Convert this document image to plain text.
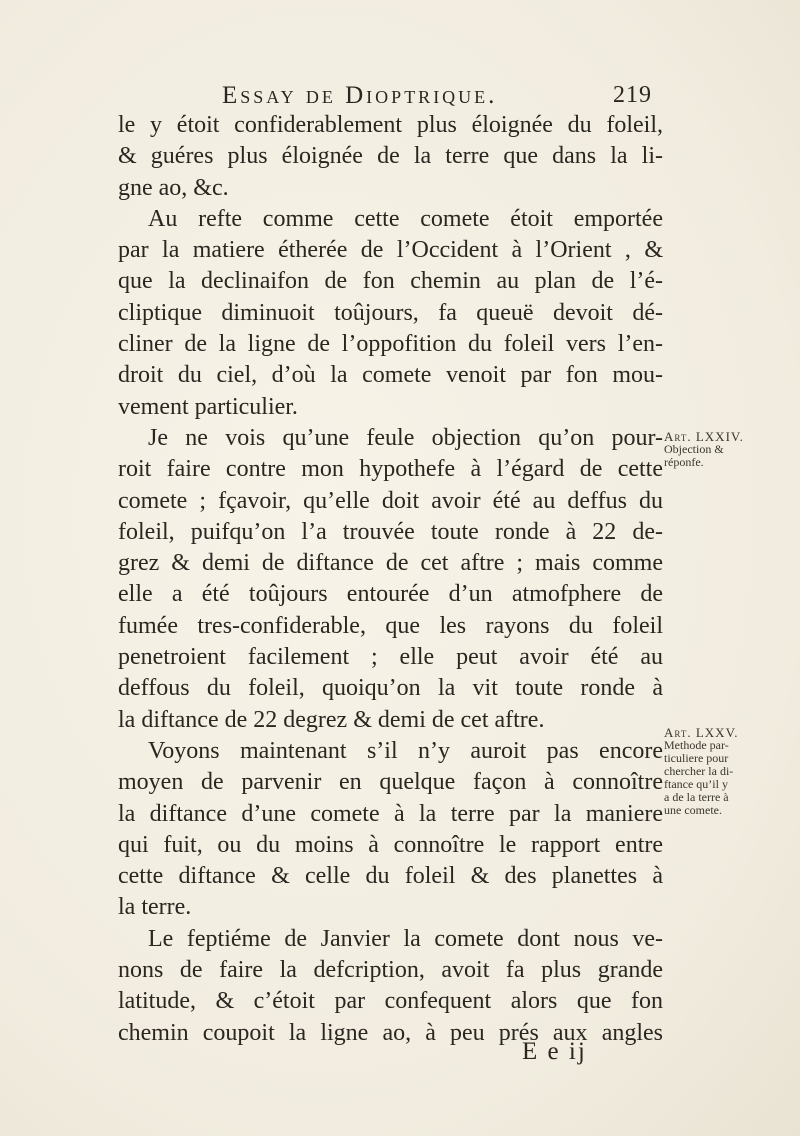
Essay de Dioptrique.	219
le y étoit confiderablement plus éloignée du foleil,
& guéres plus éloignée de la terre que dans la li-
gne ao, &c.
Au refte comme cette comete étoit emportée
par la matiere étherée de l’Occident à l’Orient , &
que la declinaifon de fon chemin au plan de l’é-
cliptique diminuoit toûjours, fa queuë devoit dé-
cliner de la ligne de l’oppofition du foleil vers l’en-
droit du ciel, d’où la comete venoit par fon mou-
vement particulier.
Je ne vois qu’une feule objection qu’on pour-
roit faire contre mon hypothefe à l’égard de cette
comete ; fçavoir, qu’elle doit avoir été au deffus du
foleil, puifqu’on l’a trouvée toute ronde à 22 de-
grez & demi de diftance de cet aftre ; mais comme
elle a été toûjours entourée d’un atmofphere de
fumée tres-confiderable, que les rayons du foleil
penetroient facilement ; elle peut avoir été au
deffous du foleil, quoiqu’on la vit toute ronde à
la diftance de 22 degrez & demi de cet aftre.
Voyons maintenant s’il n’y auroit pas encore
moyen de parvenir en quelque façon à connoître
la diftance d’une comete à la terre par la maniere
qui fuit, ou du moins à connoître le rapport entre
cette diftance & celle du foleil & des planettes à
la terre.
Le feptiéme de Janvier la comete dont nous ve-
nons de faire la defcription, avoit fa plus grande
latitude, & c’étoit par confequent alors que fon
chemin coupoit la ligne ao, à peu prés aux angles
Art. LXXIV.
Objection &
réponfe.
Art. LXXV.
Methode par-
ticuliere pour
chercher la di-
ftance qu’il y
a de la terre à
une comete.
E e ij
